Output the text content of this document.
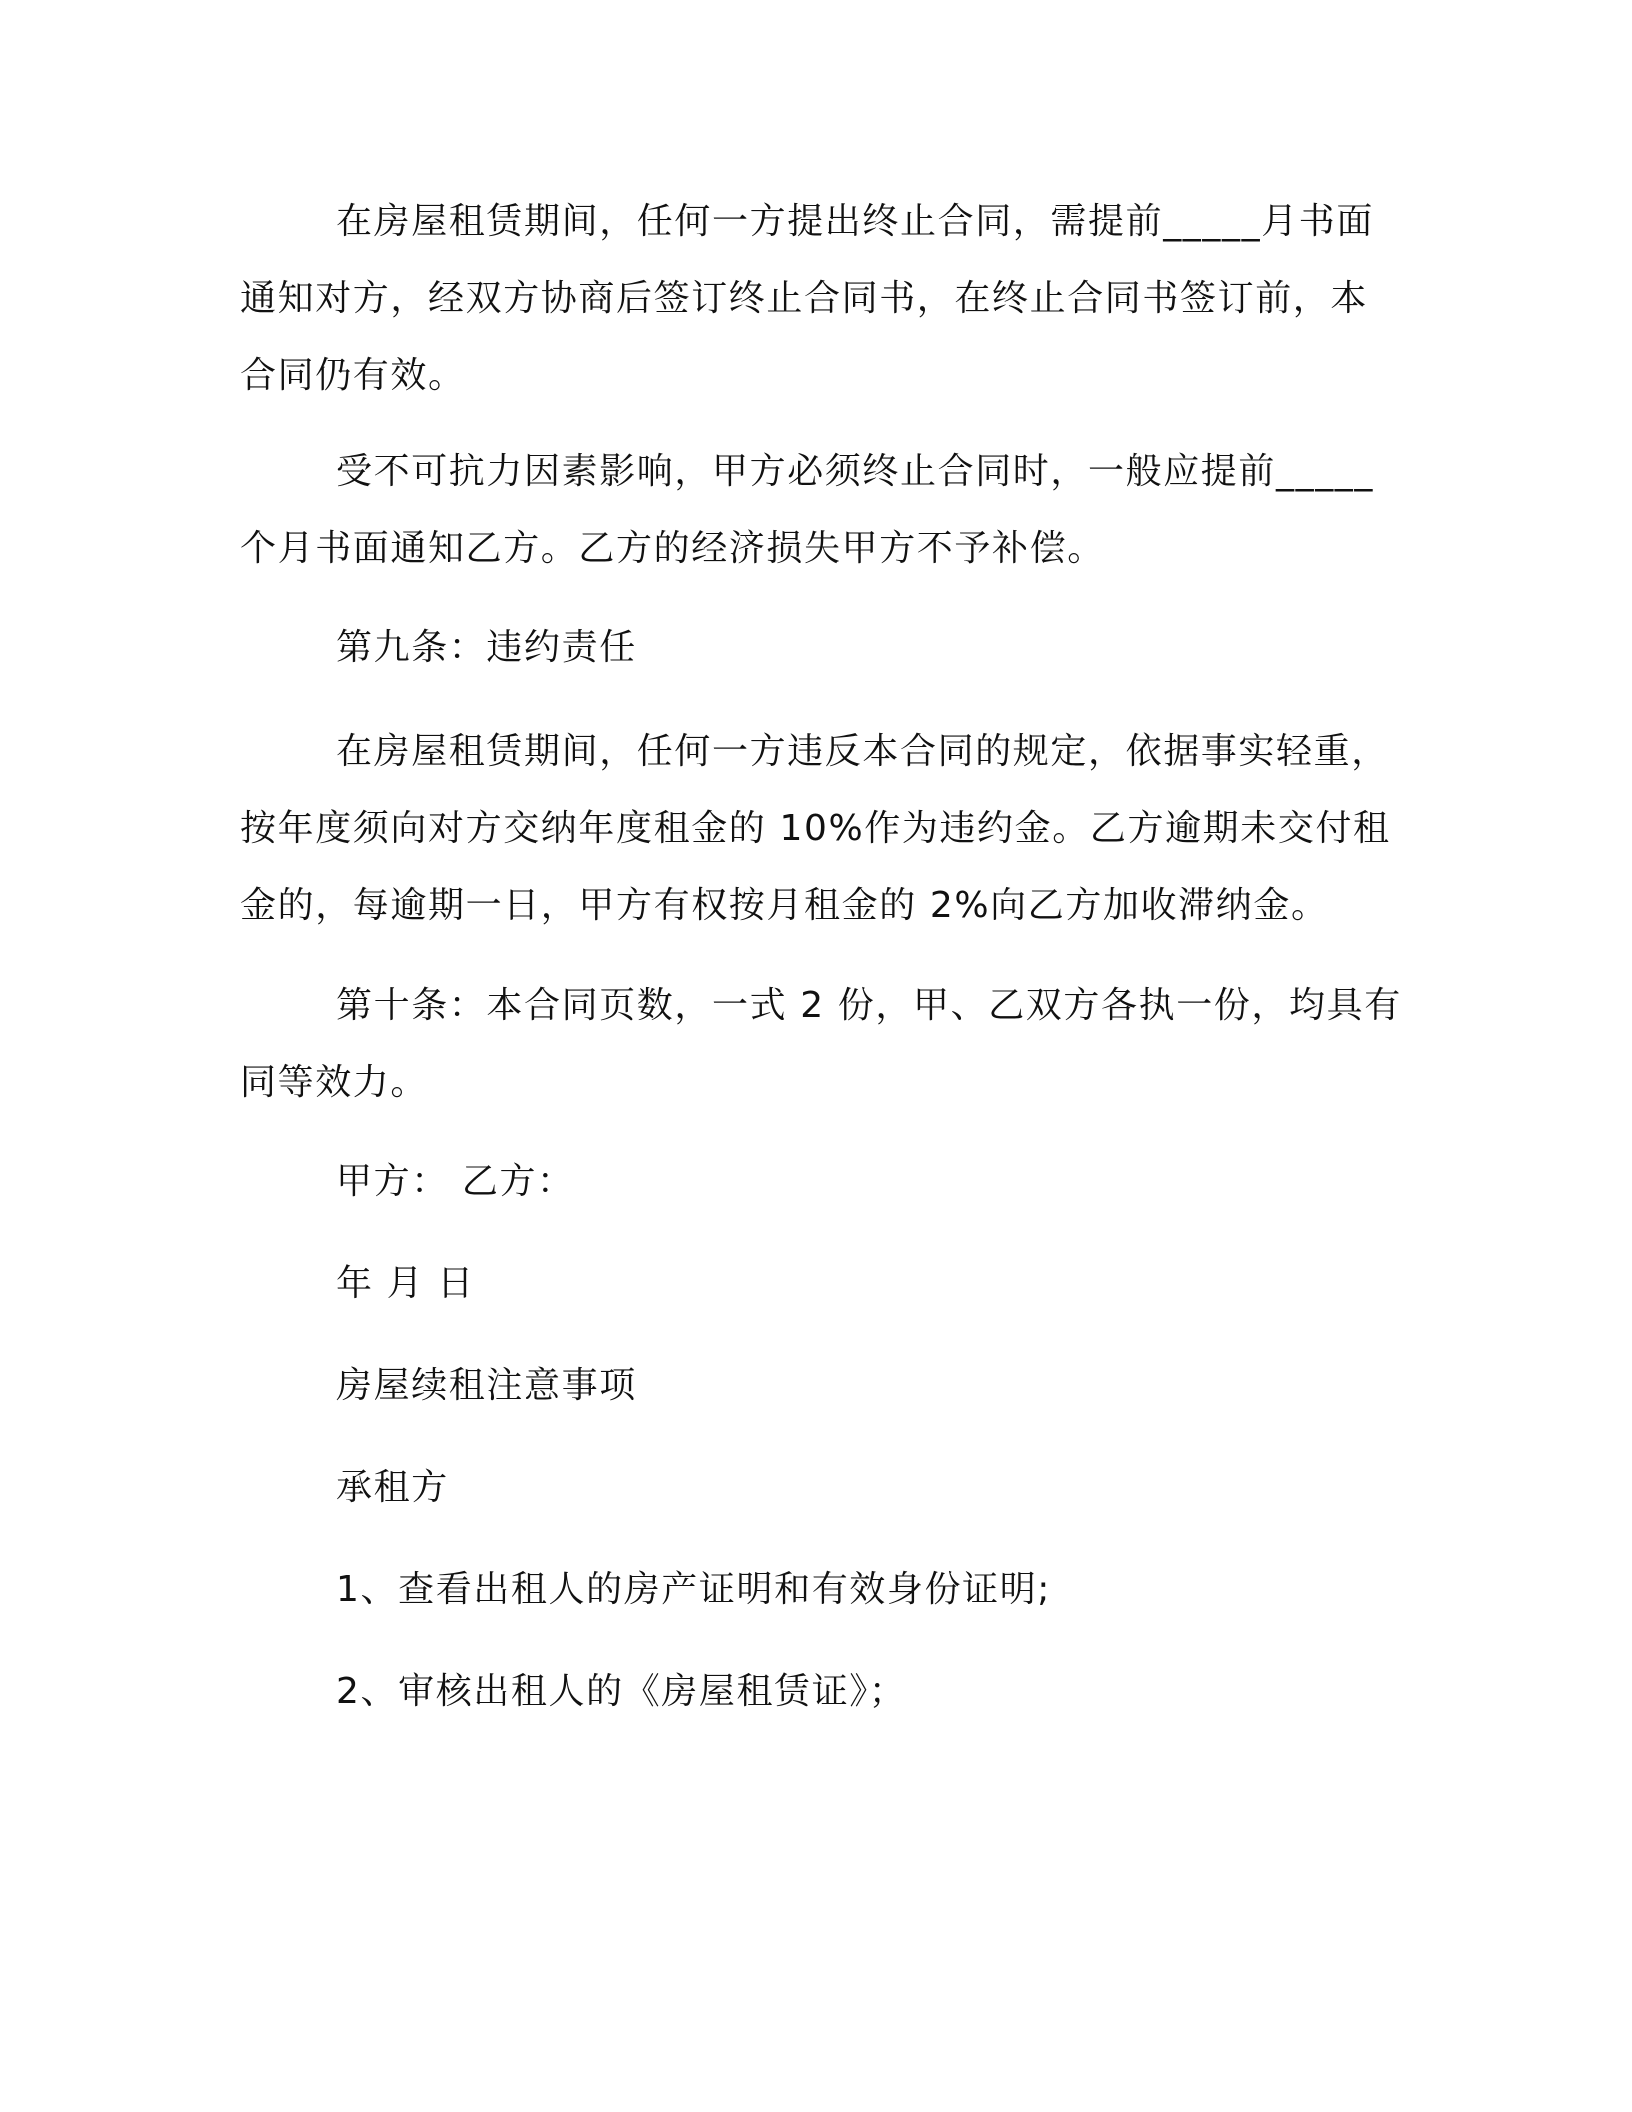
在房屋租赁期间，任何一方提出终止合同，需提前_____月书面

通知对方，经双方协商后签订终止合同书，在终止合同书签订前，本

合同仍有效。

受不可抗力因素影响，甲方必须终止合同时，一般应提前_____

个月书面通知乙方。乙方的经济损失甲方不予补偿。

第九条：违约责任

在房屋租赁期间，任何一方违反本合同的规定，依据事实轻重，

按年度须向对方交纳年度租金的 10%作为违约金。乙方逾期未交付租

金的，每逾期一日，甲方有权按月租金的 2%向乙方加收滞纳金。

第十条：本合同页数，一式 2 份，甲、乙双方各执一份，均具有

同等效力。

甲方： 乙方：

年 月 日

房屋续租注意事项

承租方

1、查看出租人的房产证明和有效身份证明;

2、审核出租人的《房屋租赁证》；
